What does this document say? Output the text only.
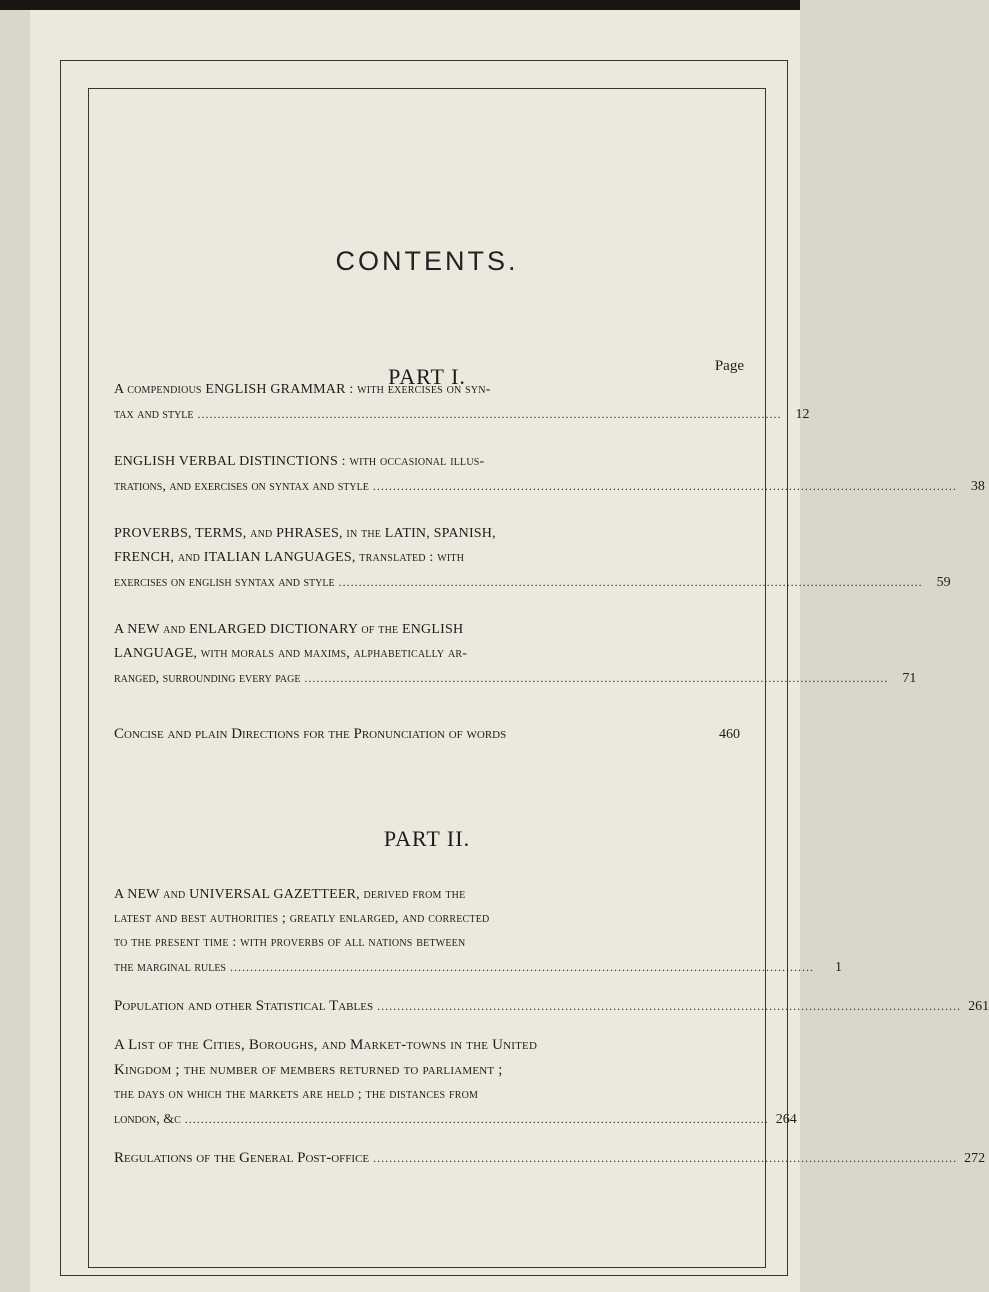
CONTENTS.
PART I.	Page
A compendious ENGLISH GRAMMAR : with exercises on syn-
tax and style ..................................................................................................................................................	12
ENGLISH VERBAL DISTINCTIONS : with occasional illus-
trations, and exercises on syntax and style ..................................................................................................................................................	38
PROVERBS, TERMS, and PHRASES, in the LATIN, SPANISH,
FRENCH, and ITALIAN LANGUAGES, translated : with
exercises on english syntax and style ..................................................................................................................................................	59
A NEW and ENLARGED DICTIONARY of the ENGLISH
LANGUAGE, with morals and maxims, alphabetically ar-
ranged, surrounding every page ..................................................................................................................................................	71
Concise and plain Directions for the Pronunciation of words	460
PART II.
A NEW and UNIVERSAL GAZETTEER, derived from the
latest and best authorities ; greatly enlarged, and corrected
to the present time : with proverbs of all nations between
the marginal rules ..................................................................................................................................................	1
Population and other Statistical Tables .................................................................................................................................................. 261
A List of the Cities, Boroughs, and Market-towns in the United
Kingdom ; the number of members returned to parliament ;
the days on which the markets are held ; the distances from
london, &c .................................................................................................................................................. 264
Regulations of the General Post-office .................................................................................................................................................. 272
